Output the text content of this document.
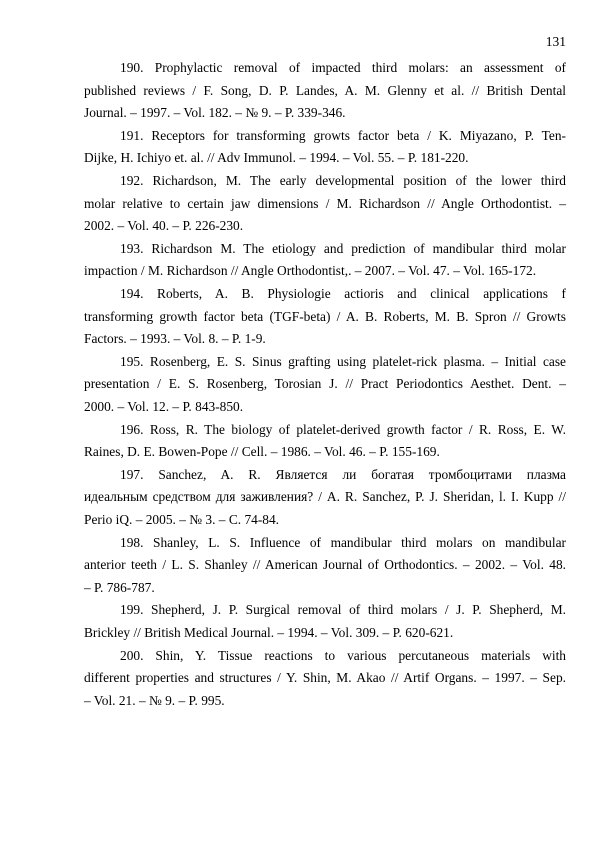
131
190. Prophylactic removal of impacted third molars: an assessment of
published reviews / F. Song, D. P. Landes, A. M. Glenny et al. // British Dental
Journal. – 1997. – Vol. 182. – № 9. – P. 339-346.
191. Receptors for transforming growts factor beta / K. Miyazano, P. Ten-
Dijke, H. Ichiyo et. al. // Adv Immunol. – 1994. – Vol. 55. – P. 181-220.
192. Richardson, M. The early developmental position of the lower third
molar relative to certain jaw dimensions / M. Richardson // Angle Orthodontist. –
2002. – Vol. 40. – P. 226-230.
193. Richardson M. The etiology and prediction of mandibular third molar
impaction / M. Richardson // Angle Orthodontist,. – 2007. – Vol. 47. – Vol. 165-172.
194. Roberts, A. B. Physiologie actioris and clinical applications f
transforming growth factor beta (TGF-beta) / A. B. Roberts, M. B. Spron // Growts
Factors. – 1993. – Vol. 8. – P. 1-9.
195. Rosenberg, E. S. Sinus grafting using platelet-rick plasma. – Initial case
presentation / E. S. Rosenberg, Torosian J. // Pract Periodontics Aesthet. Dent. –
2000. – Vol. 12. – P. 843-850.
196. Ross, R. The biology of platelet-derived growth factor / R. Ross, E. W.
Raines, D. E. Bowen-Pope // Cell. – 1986. – Vol. 46. – P. 155-169.
197. Sanchez, A. R. Является ли богатая тромбоцитами плазма
идеальным средством для заживления? / A. R. Sanchez, P. J. Sheridan, l. I. Kupp //
Perio iQ. – 2005. – № 3. – С. 74-84.
198. Shanley, L. S. Influence of mandibular third molars on mandibular
anterior teeth / L. S. Shanley // American Journal of Orthodontics. – 2002. – Vol. 48.
– P. 786-787.
199. Shepherd, J. P. Surgical removal of third molars / J. P. Shepherd, M.
Brickley // British Medical Journal. – 1994. – Vol. 309. – P. 620-621.
200. Shin, Y. Tissue reactions to various percutaneous materials with
different properties and structures / Y. Shin, M. Akao // Artif Organs. – 1997. – Sep.
– Vol. 21. – № 9. – P. 995.
